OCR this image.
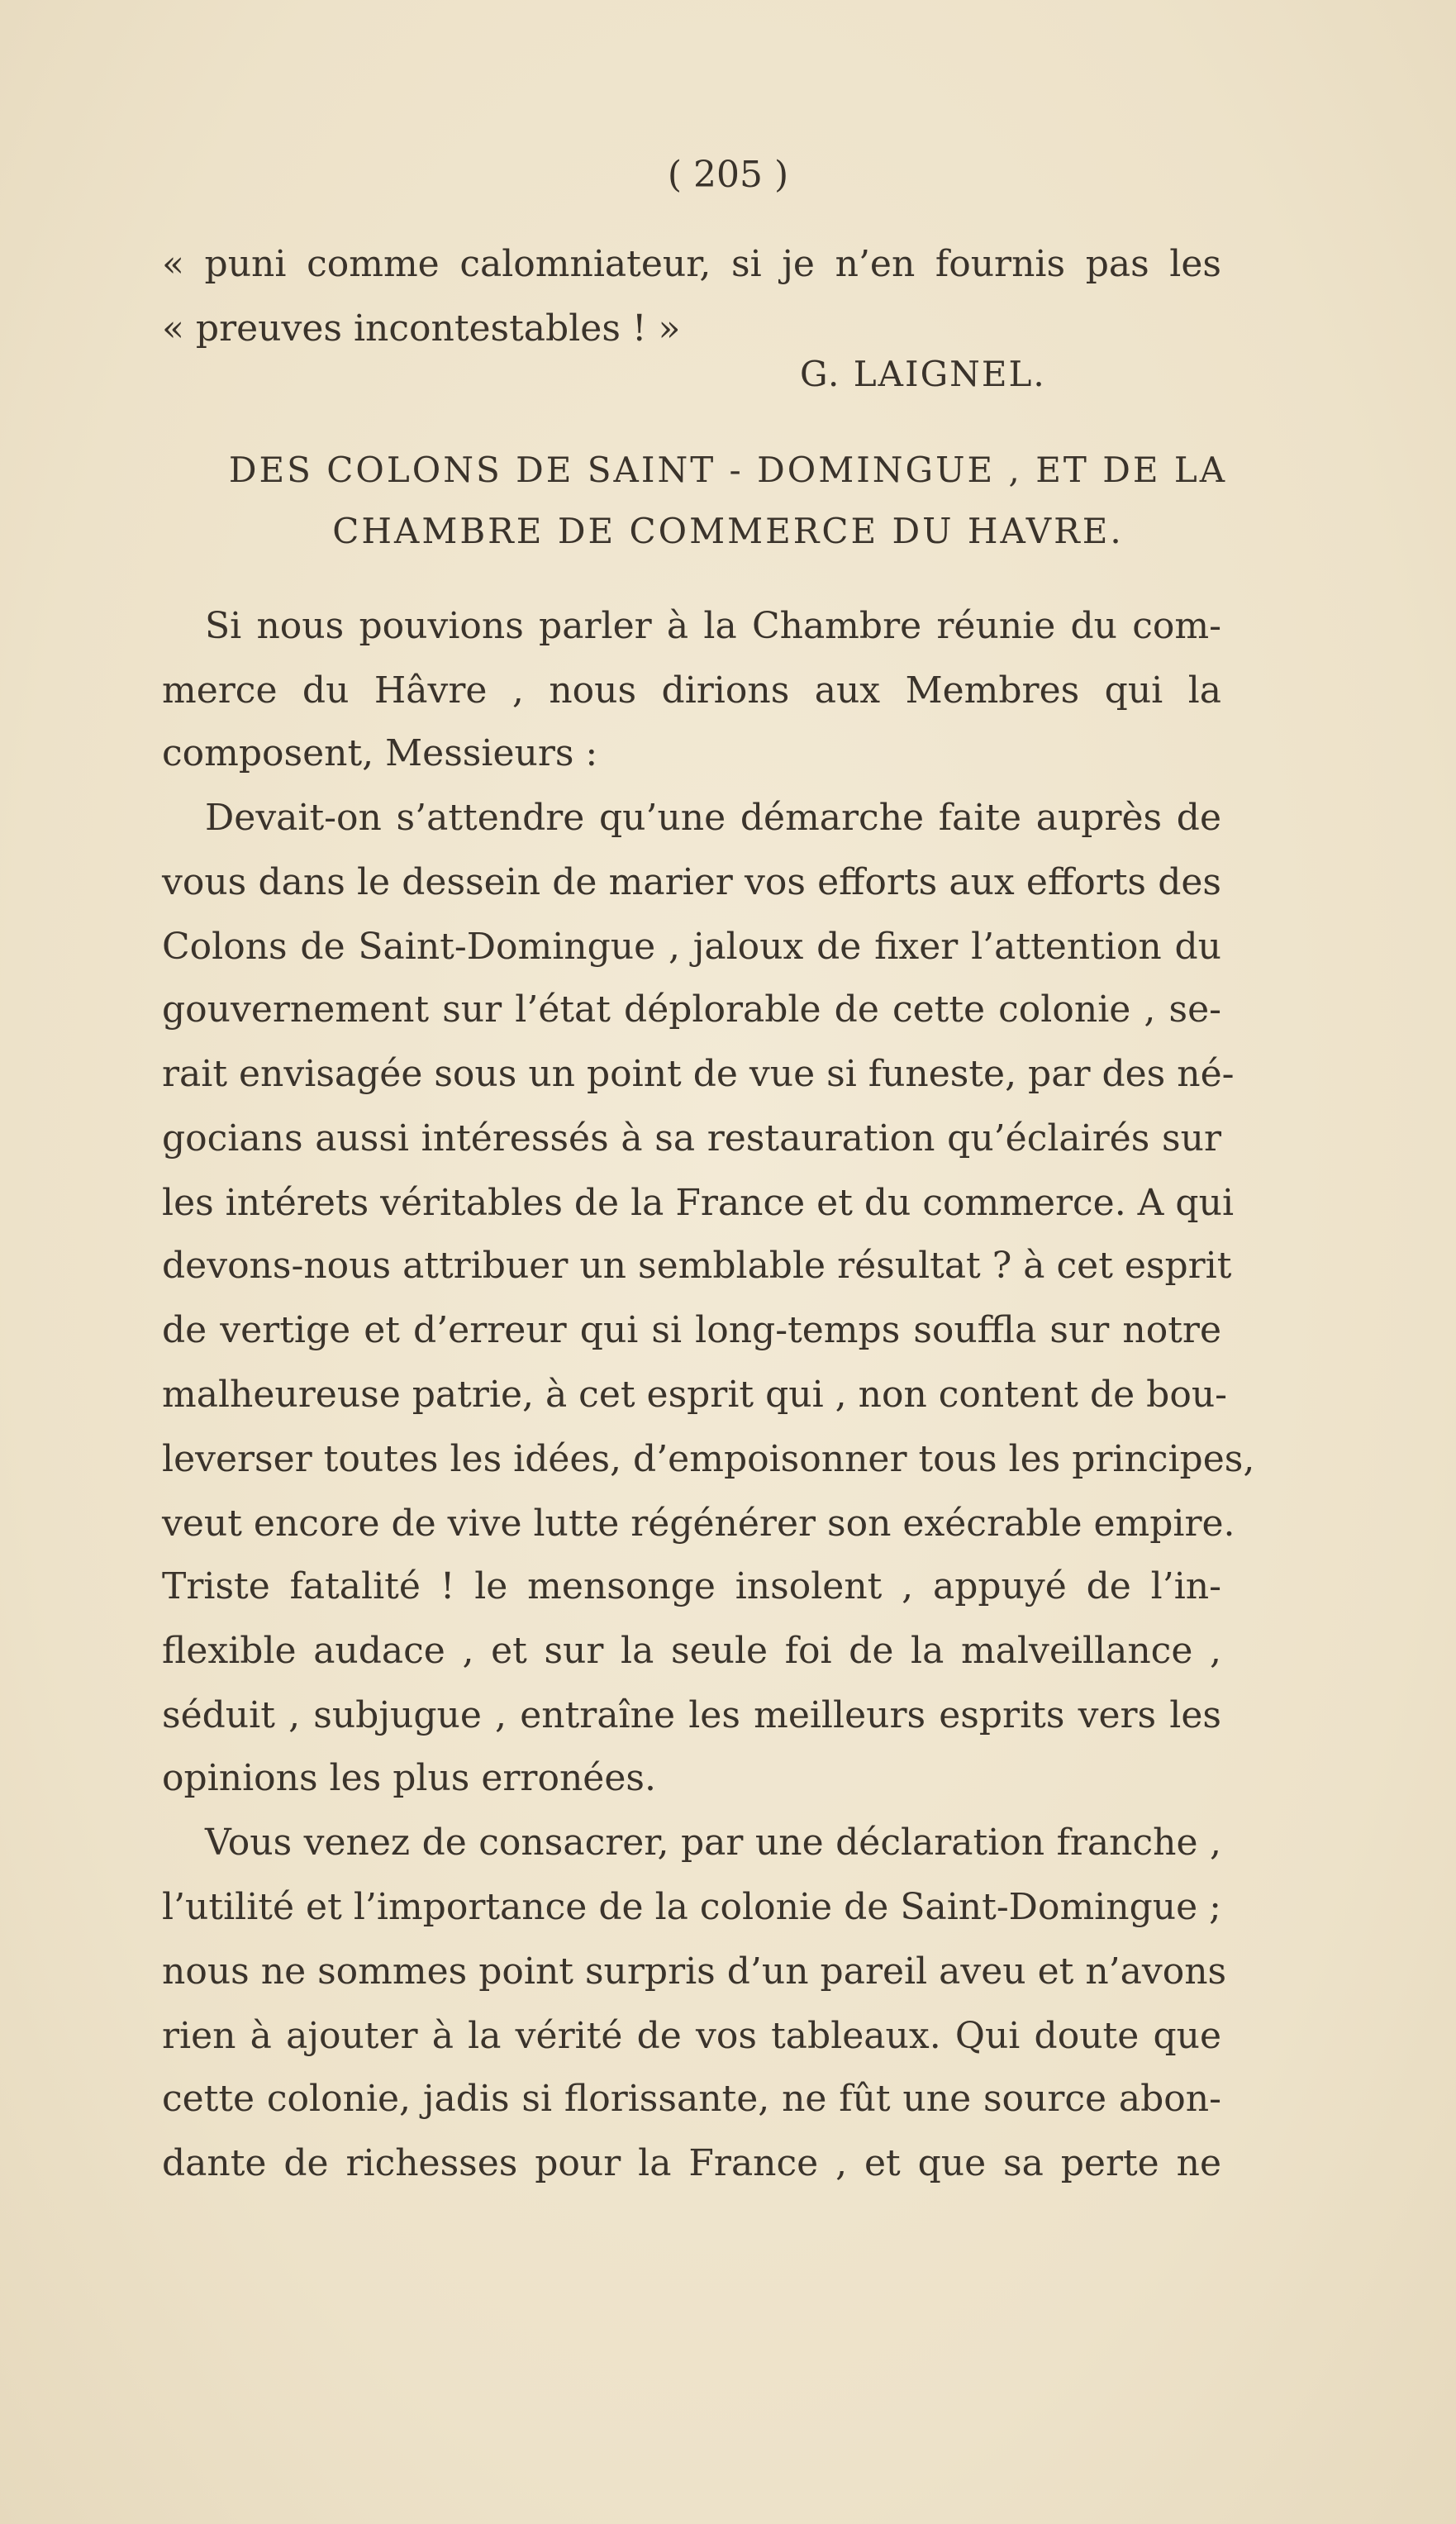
( 205 )
« puni comme calomniateur, si je n’en fournis pas les
« preuves incontestables ! »
G. LAIGNEL.
DES COLONS DE SAINT - DOMINGUE , ET DE LA
CHAMBRE DE COMMERCE DU HAVRE.
Si nous pouvions parler à la Chambre réunie du com-
merce du Hâvre , nous dirions aux Membres qui la
composent, Messieurs :
Devait-on s’attendre qu’une démarche faite auprès de
vous dans le dessein de marier vos efforts aux efforts des
Colons de Saint-Domingue , jaloux de fixer l’attention du
gouvernement sur l’état déplorable de cette colonie , se-
rait envisagée sous un point de vue si funeste, par des né-
gocians aussi intéressés à sa restauration qu’éclairés sur
les intérets véritables de la France et du commerce. A qui
devons-nous attribuer un semblable résultat ? à cet esprit
de vertige et d’erreur qui si long-temps souffla sur notre
malheureuse patrie, à cet esprit qui , non content de bou-
leverser toutes les idées, d’empoisonner tous les principes,
veut encore de vive lutte régénérer son exécrable empire.
Triste fatalité ! le mensonge insolent , appuyé de l’in-
flexible audace , et sur la seule foi de la malveillance ,
séduit , subjugue , entraîne les meilleurs esprits vers les
opinions les plus erronées.
Vous venez de consacrer, par une déclaration franche ,
l’utilité et l’importance de la colonie de Saint-Domingue ;
nous ne sommes point surpris d’un pareil aveu et n’avons
rien à ajouter à la vérité de vos tableaux. Qui doute que
cette colonie, jadis si florissante, ne fût une source abon-
dante de richesses pour la France , et que sa perte ne
